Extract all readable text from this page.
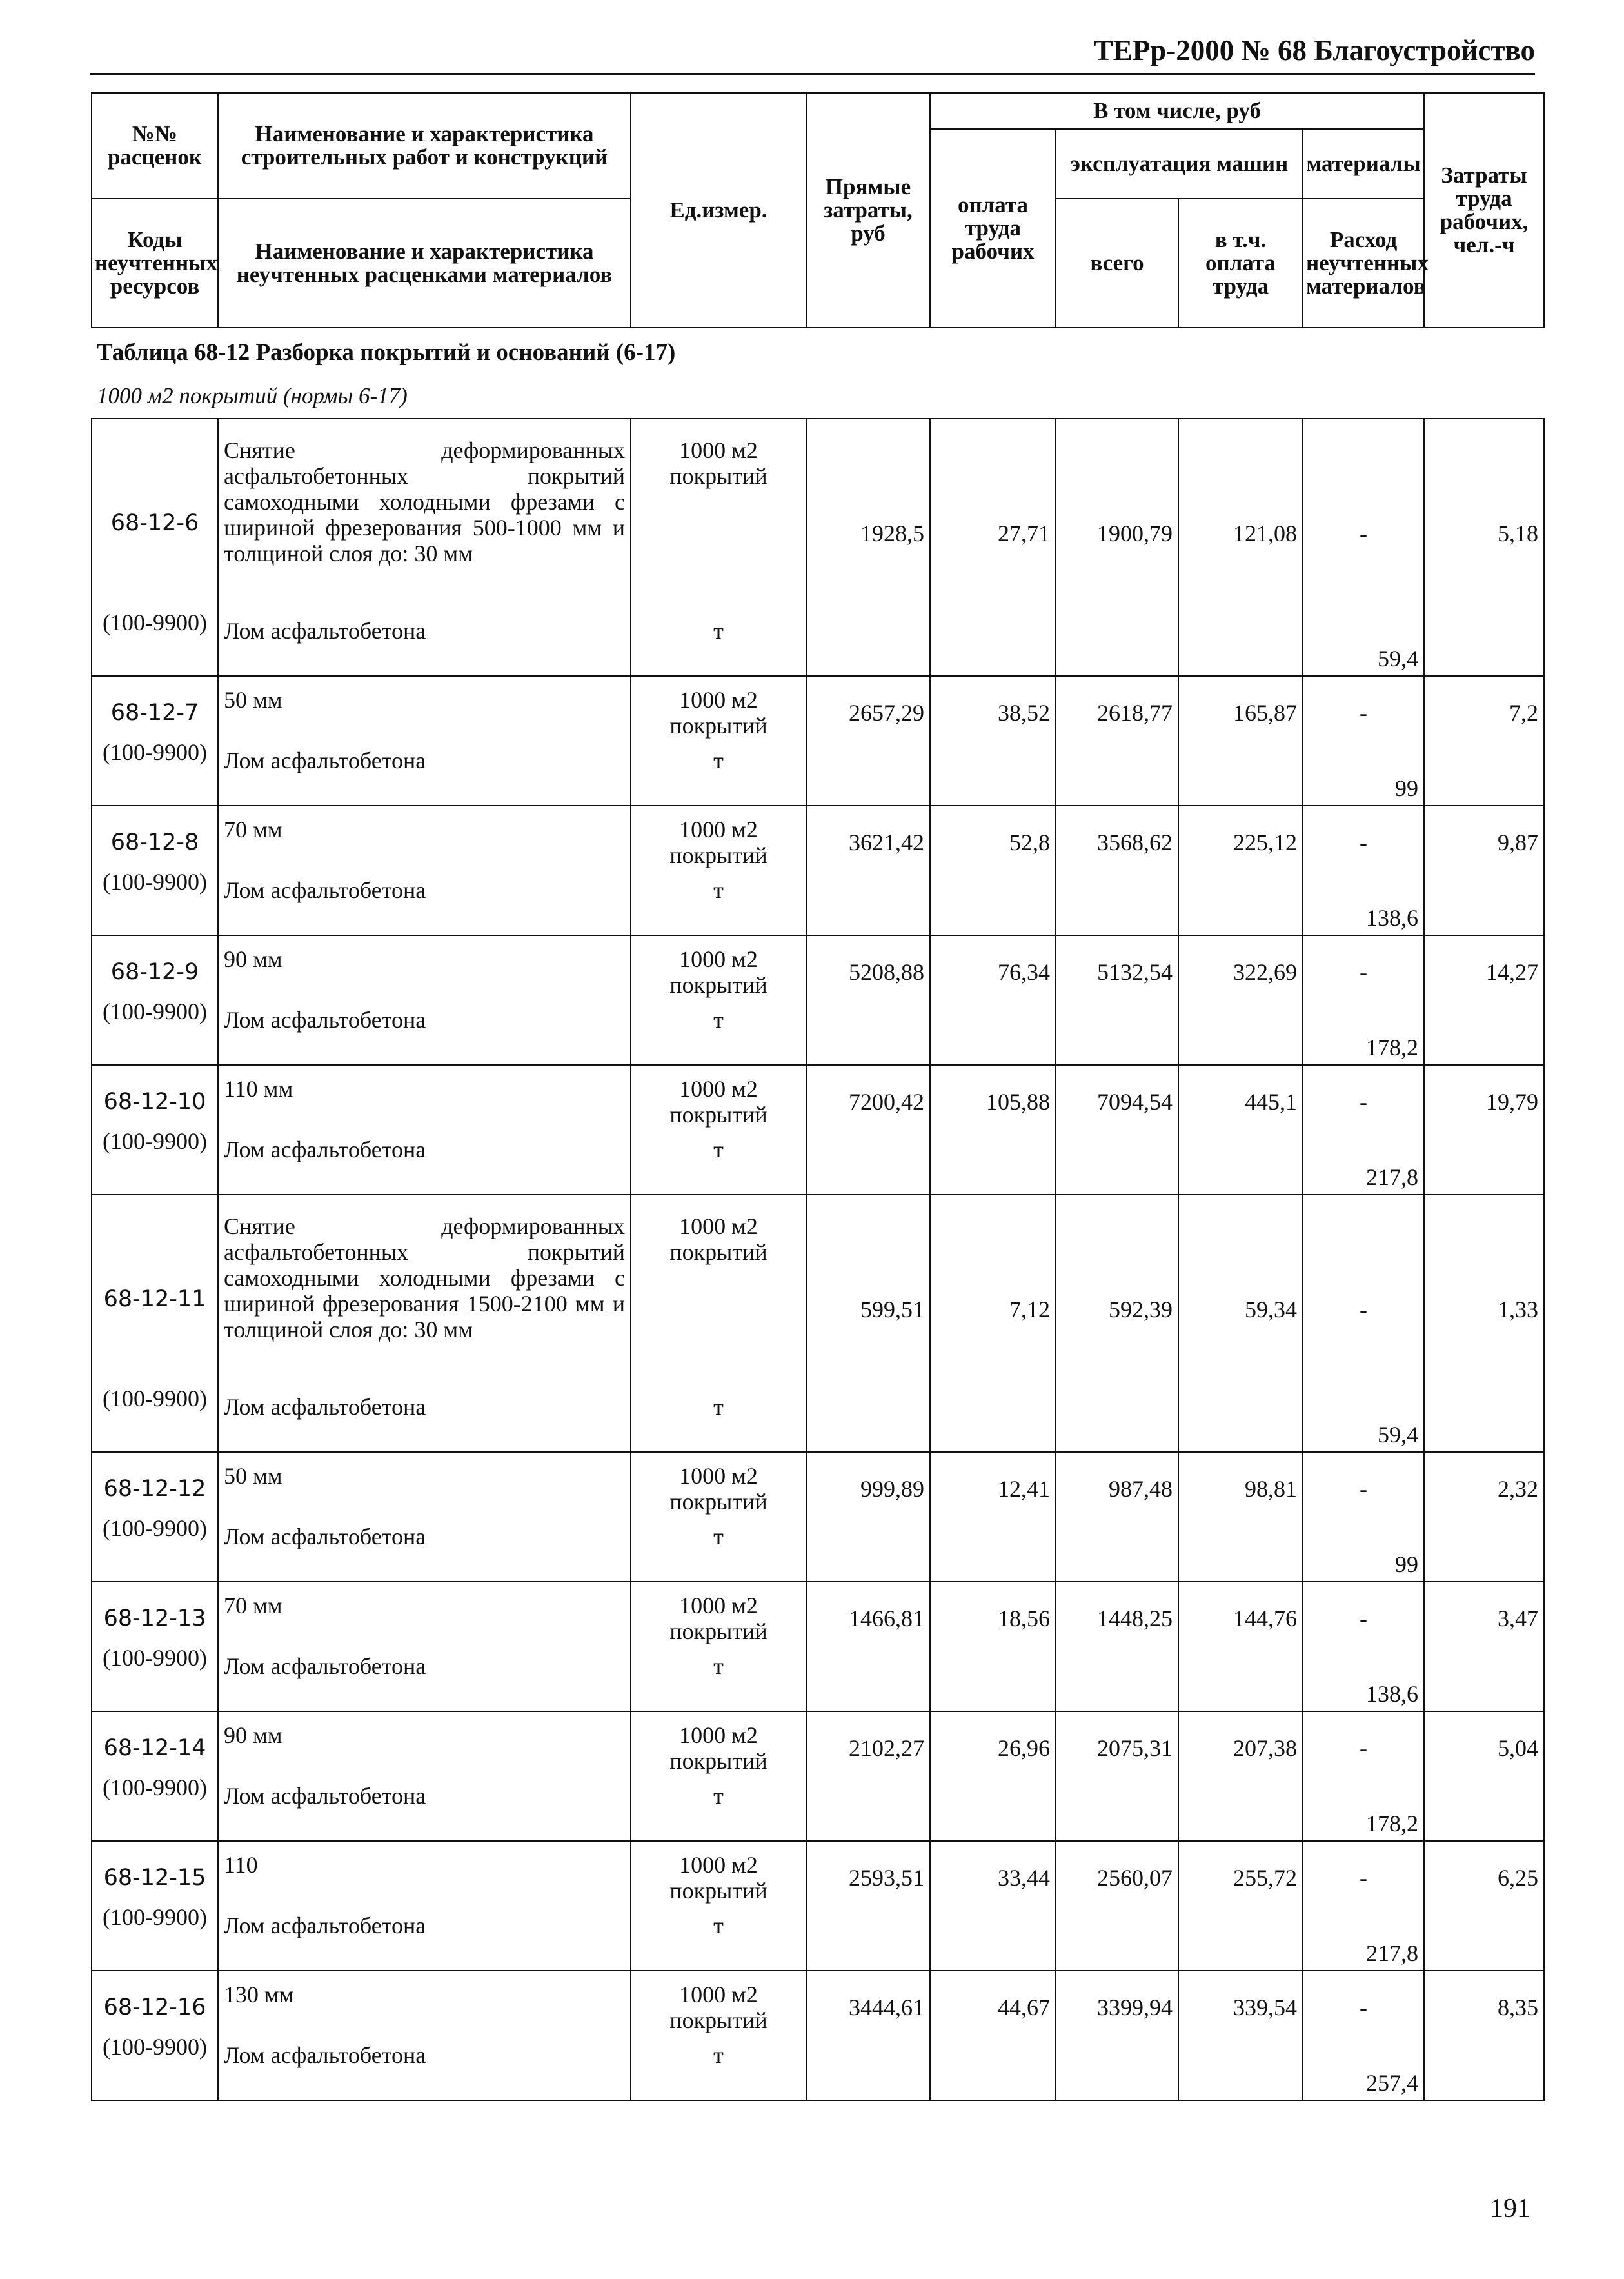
ТЕРр-2000 № 68 Благоустройство
№№ расценок	Наименование и характеристика строительных работ и конструкций	Ед.измер.	Прямые затраты, руб	В том числе, руб				Затраты труда рабочих, чел.-ч
				оплата труда рабочих	эксплуатация машин		материалы	

Коды неучтенных ресурсов	Наименование и характеристика неучтенных расценками материалов				всего	в т.ч. оплата труда	Расход неучтенных материалов	

Таблица 68-12 Разборка покрытий и оснований (6-17)
1000 м2 покрытий (нормы 6-17)
68-12-6	Снятие деформированных асфальтобетонных покрытий самоходными холодными фрезами с шириной фрезерования 500-1000 мм и толщиной слоя до: 30 мм	1000 м2 покрытий	1928,5	27,71	1900,79	121,08	-	5,18
(100-9900)	Лом асфальтобетона	т					59,4	
68-12-7	50 мм	1000 м2 покрытий	2657,29	38,52	2618,77	165,87	-	7,2
(100-9900)	Лом асфальтобетона	т					99	
68-12-8	70 мм	1000 м2 покрытий	3621,42	52,8	3568,62	225,12	-	9,87
(100-9900)	Лом асфальтобетона	т					138,6	
68-12-9	90 мм	1000 м2 покрытий	5208,88	76,34	5132,54	322,69	-	14,27
(100-9900)	Лом асфальтобетона	т					178,2	
68-12-10	110 мм	1000 м2 покрытий	7200,42	105,88	7094,54	445,1	-	19,79
(100-9900)	Лом асфальтобетона	т					217,8	
68-12-11	Снятие деформированных асфальтобетонных покрытий самоходными холодными фрезами с шириной фрезерования 1500-2100 мм и толщиной слоя до: 30 мм	1000 м2 покрытий	599,51	7,12	592,39	59,34	-	1,33
(100-9900)	Лом асфальтобетона	т					59,4	
68-12-12	50 мм	1000 м2 покрытий	999,89	12,41	987,48	98,81	-	2,32
(100-9900)	Лом асфальтобетона	т					99	
68-12-13	70 мм	1000 м2 покрытий	1466,81	18,56	1448,25	144,76	-	3,47
(100-9900)	Лом асфальтобетона	т					138,6	
68-12-14	90 мм	1000 м2 покрытий	2102,27	26,96	2075,31	207,38	-	5,04
(100-9900)	Лом асфальтобетона	т					178,2	
68-12-15	110	1000 м2 покрытий	2593,51	33,44	2560,07	255,72	-	6,25
(100-9900)	Лом асфальтобетона	т					217,8	
68-12-16	130 мм	1000 м2 покрытий	3444,61	44,67	3399,94	339,54	-	8,35
(100-9900)	Лом асфальтобетона	т					257,4	
191
